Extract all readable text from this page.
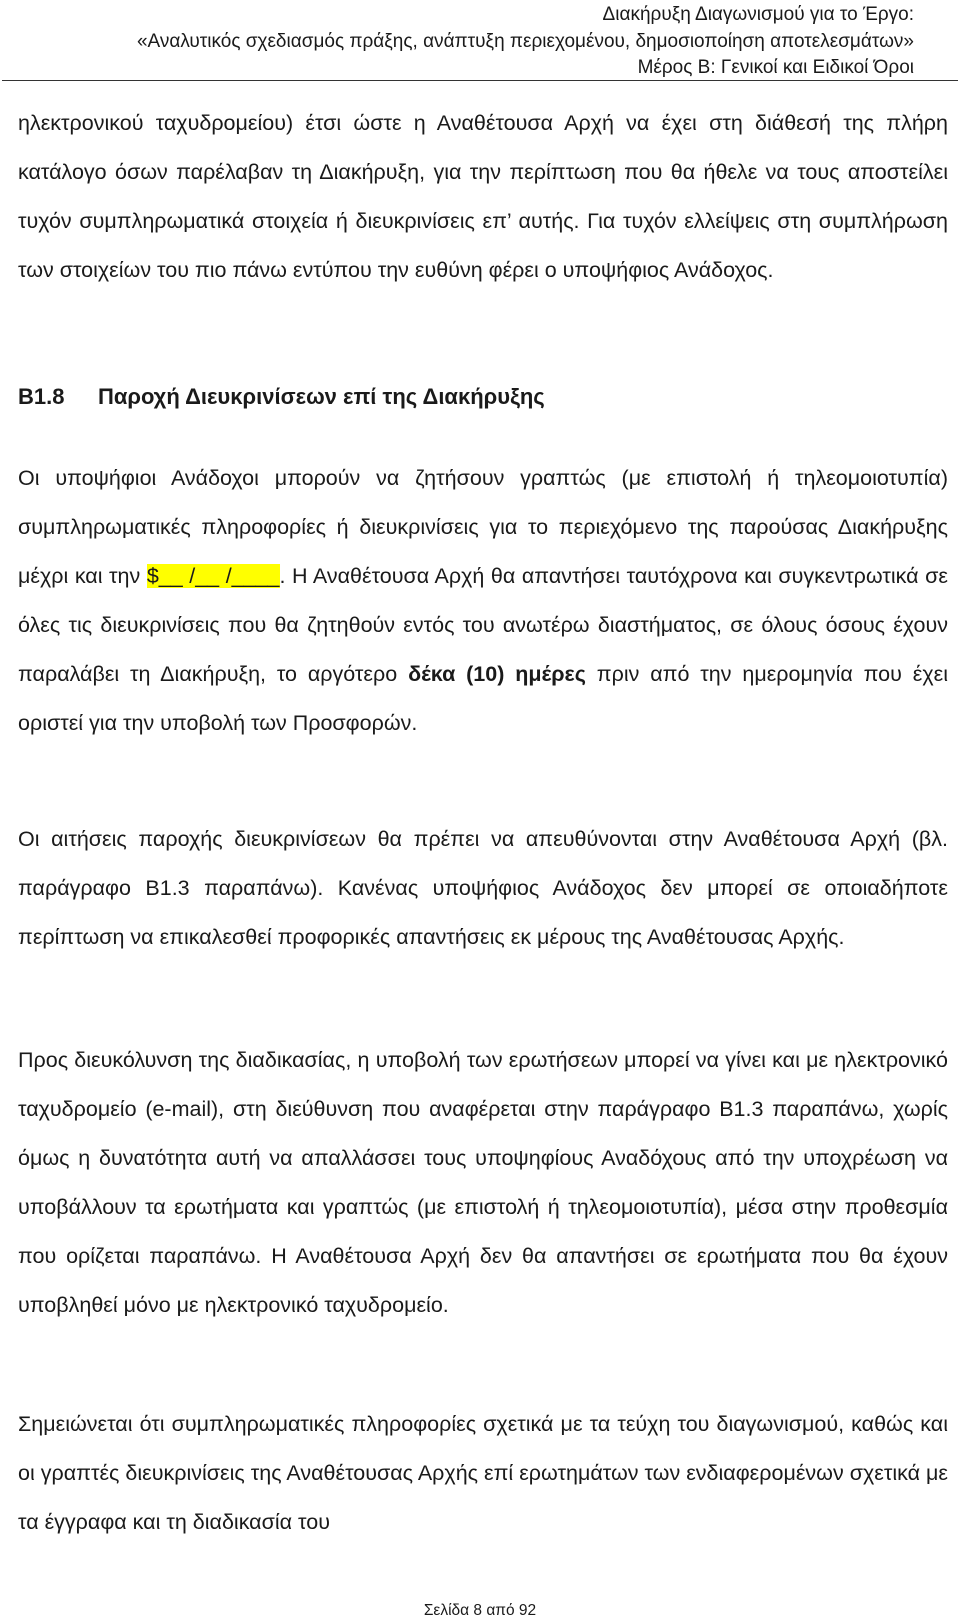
Διακήρυξη Διαγωνισμού για το Έργο:
«Αναλυτικός σχεδιασμός πράξης, ανάπτυξη περιεχομένου, δημοσιοποίηση αποτελεσμάτων»
Μέρος Β: Γενικοί και Ειδικοί Όροι

ηλεκτρονικού ταχυδρομείου) έτσι ώστε η Αναθέτουσα Αρχή να έχει στη διάθεσή της πλήρη κατάλογο όσων παρέλαβαν τη Διακήρυξη, για την περίπτωση που θα ήθελε να τους αποστείλει τυχόν συμπληρωματικά στοιχεία ή διευκρινίσεις επ’ αυτής. Για τυχόν ελλείψεις στη συμπλήρωση των στοιχείων του πιο πάνω εντύπου την ευθύνη φέρει ο υποψήφιος Ανάδοχος.

Β1.8 Παροχή Διευκρινίσεων επί της Διακήρυξης

Οι υποψήφιοι Ανάδοχοι μπορούν να ζητήσουν γραπτώς (με επιστολή ή τηλεομοιοτυπία) συμπληρωματικές πληροφορίες ή διευκρινίσεις για το περιεχόμενο της παρούσας Διακήρυξης μέχρι και την $__ /__ /____. Η Αναθέτουσα Αρχή θα απαντήσει ταυτόχρονα και συγκεντρωτικά σε όλες τις διευκρινίσεις που θα ζητηθούν εντός του ανωτέρω διαστήματος, σε όλους όσους έχουν παραλάβει τη Διακήρυξη, το αργότερο δέκα (10) ημέρες πριν από την ημερομηνία που έχει οριστεί για την υποβολή των Προσφορών.

Οι αιτήσεις παροχής διευκρινίσεων θα πρέπει να απευθύνονται στην Αναθέτουσα Αρχή (βλ. παράγραφο Β1.3 παραπάνω). Κανένας υποψήφιος Ανάδοχος δεν μπορεί σε οποιαδήποτε περίπτωση να επικαλεσθεί προφορικές απαντήσεις εκ μέρους της Αναθέτουσας Αρχής.

Προς διευκόλυνση της διαδικασίας, η υποβολή των ερωτήσεων μπορεί να γίνει και με ηλεκτρονικό ταχυδρομείο (e-mail), στη διεύθυνση που αναφέρεται στην παράγραφο Β1.3 παραπάνω, χωρίς όμως η δυνατότητα αυτή να απαλλάσσει τους υποψηφίους Αναδόχους από την υποχρέωση να υποβάλλουν τα ερωτήματα και γραπτώς (με επιστολή ή τηλεομοιοτυπία), μέσα στην προθεσμία που ορίζεται παραπάνω. Η Αναθέτουσα Αρχή δεν θα απαντήσει σε ερωτήματα που θα έχουν υποβληθεί μόνο με ηλεκτρονικό ταχυδρομείο.

Σημειώνεται ότι συμπληρωματικές πληροφορίες σχετικά με τα τεύχη του διαγωνισμού, καθώς και οι γραπτές διευκρινίσεις της Αναθέτουσας Αρχής επί ερωτημάτων των ενδιαφερομένων σχετικά με τα έγγραφα και τη διαδικασία του

Σελίδα 8 από 92
